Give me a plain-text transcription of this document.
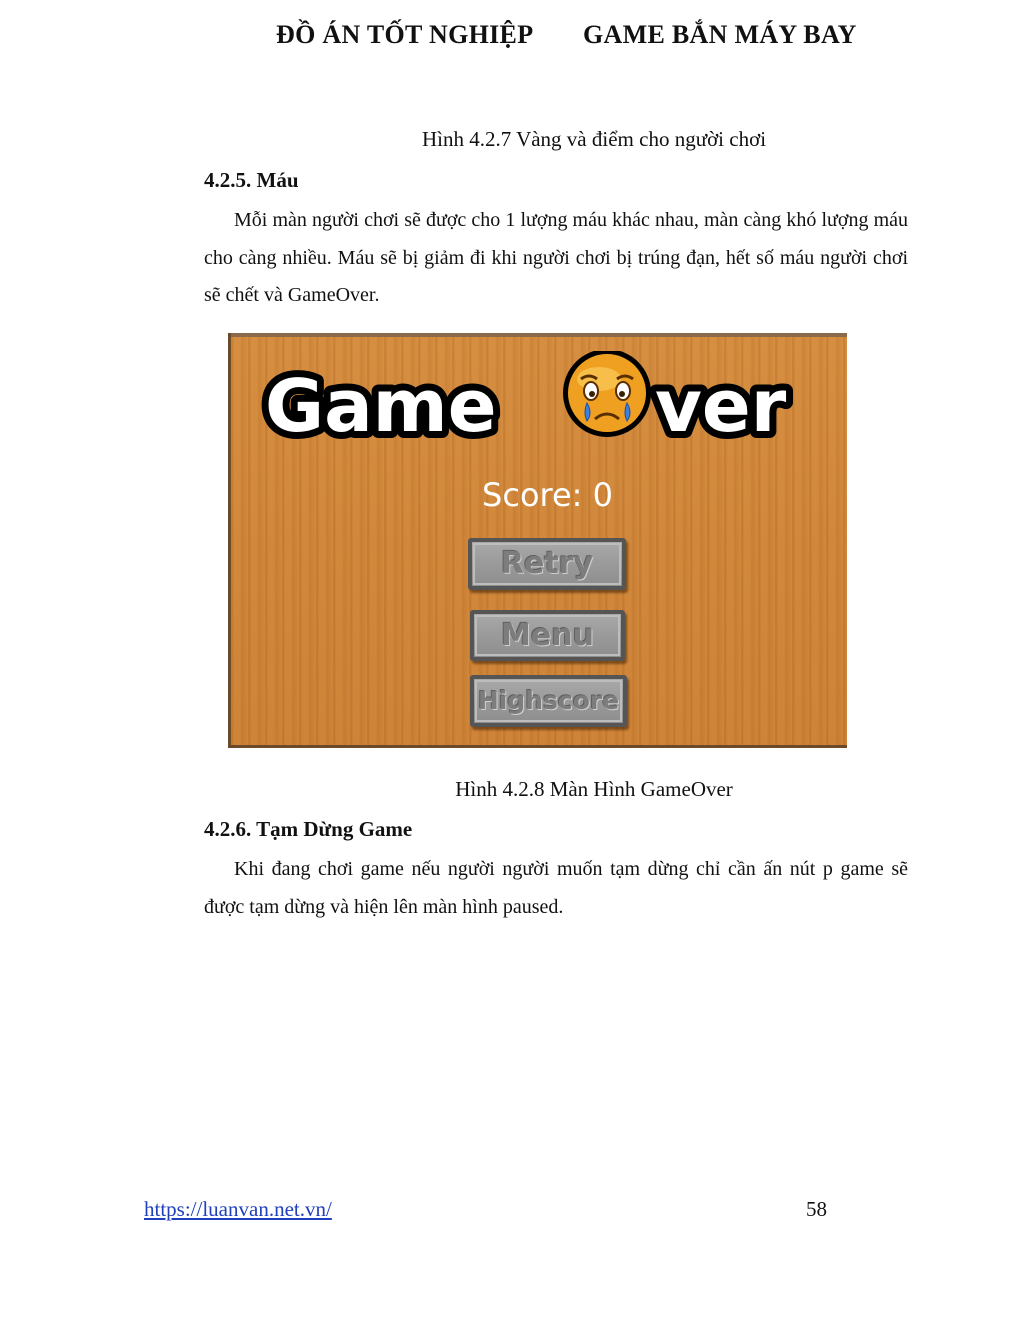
ĐỒ ÁN TỐT NGHIỆP GAME BẮN MÁY BAY
Hình 4.2.7 Vàng và điểm cho người chơi
4.2.5. Máu
Mỗi màn người chơi sẽ được cho 1 lượng máu khác nhau, màn càng khó lượng máu cho càng nhiều. Máu sẽ bị giảm đi khi người chơi bị trúng đạn, hết số máu người chơi sẽ chết và GameOver.
Game ver
Score: 0
Retry
Menu
Highscore
Hình 4.2.8 Màn Hình GameOver
4.2.6. Tạm Dừng Game
Khi đang chơi game nếu người người muốn tạm dừng chỉ cần ấn nút p game sẽ được tạm dừng và hiện lên màn hình paused.
https://luanvan.net.vn/	58
